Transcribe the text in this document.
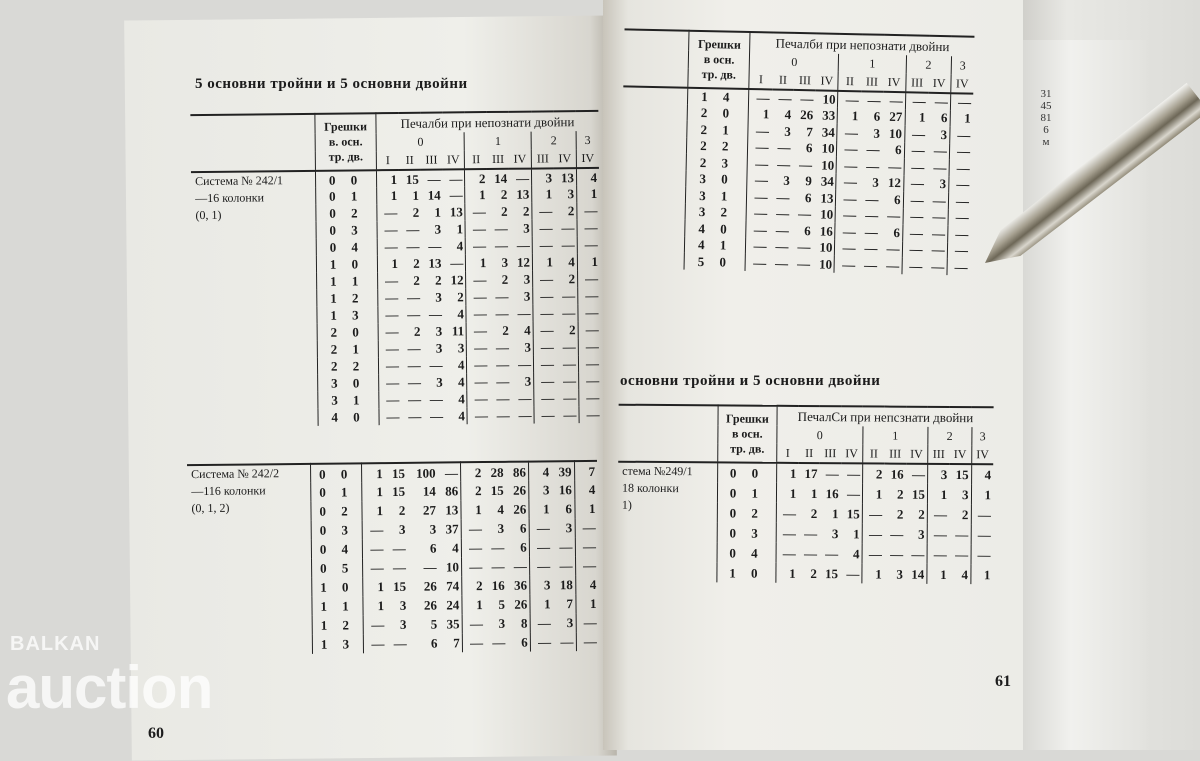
5 основни тройни и 5 основни двойни
основни тройни и 5 основни двойни

	Грешки
в. осн.
тр. дв.	Печалби при непознати двойни									
		0				1			2		3
		I	II	III	IV	II	III	IV	III	IV	IV

Система № 242/1
—16 колонки
(0, 1)	0 0	1	15	—	—	2	14	—	3	13	4
	0 1	1	1	14	—	1	2	13	1	3	1
	0 2	—	2	1	13	—	2	2	—	2	—
	0 3	—	—	3	1	—	—	3	—	—	—
	0 4	—	—	—	4	—	—	—	—	—	—
	1 0	1	2	13	—	1	3	12	1	4	1
	1 1	—	2	2	12	—	2	3	—	2	—
	1 2	—	—	3	2	—	—	3	—	—	—
	1 3	—	—	—	4	—	—	—	—	—	—
	2 0	—	2	3	11	—	2	4	—	2	—
	2 1	—	—	3	3	—	—	3	—	—	—
	2 2	—	—	—	4	—	—	—	—	—	—
	3 0	—	—	3	4	—	—	3	—	—	—
	3 1	—	—	—	4	—	—	—	—	—	—
	4 0	—	—	—	4	—	—	—	—	—	—
Система № 242/2
—116 колонки
(0, 1, 2)	0 0	1	15	100	—	2	28	86	4	39	7
	0 1	1	15	14	86	2	15	26	3	16	4
	0 2	1	2	27	13	1	4	26	1	6	1
	0 3	—	3	3	37	—	3	6	—	3	—
	0 4	—	—	6	4	—	—	6	—	—	—
	0 5	—	—	—	10	—	—	—	—	—	—
	1 0	1	15	26	74	2	16	36	3	18	4
	1 1	1	3	26	24	1	5	26	1	7	1
	1 2	—	3	5	35	—	3	8	—	3	—
	1 3	—	—	6	7	—	—	6	—	—	—

	Грешки
в осн.
тр. дв.	Печалби при непознати двойни									
		0				1			2		3
		I	II	III	IV	II	III	IV	III	IV	IV
	1 4	—	—	—	10	—	—	—	—	—	—
	2 0	1	4	26	33	1	6	27	1	6	1
	2 1	—	3	7	34	—	3	10	—	3	—
	2 2	—	—	6	10	—	—	6	—	—	—
	2 3	—	—	—	10	—	—	—	—	—	—
	3 0	—	3	9	34	—	3	12	—	3	—
	3 1	—	—	6	13	—	—	6	—	—	—
	3 2	—	—	—	10	—	—	—	—	—	—
	4 0	—	—	6	16	—	—	6	—	—	—
	4 1	—	—	—	10	—	—	—	—	—	—
	5 0	—	—	—	10	—	—	—	—	—	—

	Грешки
в осн.
тр. дв.	ПечалСи при непсзнати двойни									
		0				1			2		3
		I	II	III	IV	II	III	IV	III	IV	IV

стема №249/1
18 колонки
1)	0 0	1	17	—	—	2	16	—	3	15	4
	0 1	1	1	16	—	1	2	15	1	3	1
	0 2	—	2	1	15	—	2	2	—	2	—
	0 3	—	—	3	1	—	—	3	—	—	—
	0 4	—	—	—	4	—	—	—	—	—	—
	1 0	1	2	15	—	1	3	14	1	4	1
3145816м
BALKAN
auction
60
61
